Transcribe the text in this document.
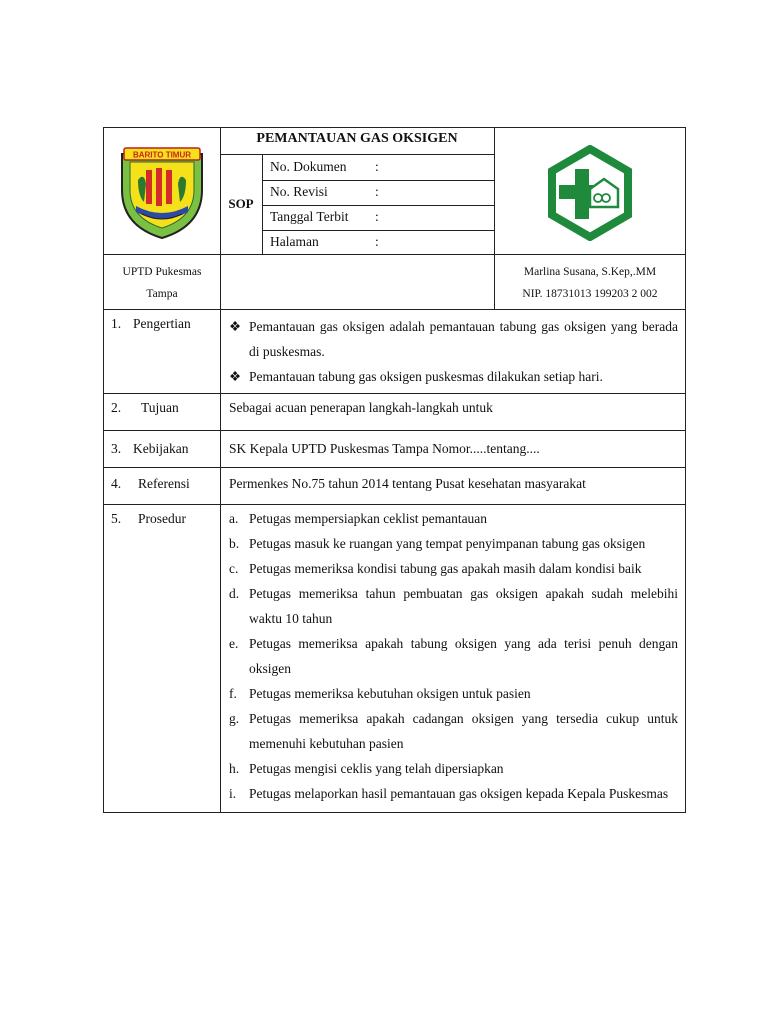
BARITO TIMUR
PEMANTAUAN GAS OKSIGEN
SOP
No. Dokumen :
No. Revisi	:
Tanggal Terbit :
Halaman	:
UPTD Pukesmas
Tampa
Marlina Susana, S.Kep,.MM
NIP. 18731013 199203 2 002
1. Pengertian	❖ Pemantauan gas oksigen adalah pemantauan tabung gas oksigen yang berada di puskesmas.
❖ Pemantauan tabung gas oksigen puskesmas dilakukan setiap hari.
2. Tujuan	Sebagai acuan penerapan langkah-langkah untuk
3. Kebijakan	SK Kepala UPTD Puskesmas Tampa Nomor.....tentang....
4. Referensi	Permenkes No.75 tahun 2014 tentang Pusat kesehatan masyarakat
5. Prosedur	a. Petugas mempersiapkan ceklist pemantauan
b. Petugas masuk ke ruangan yang tempat penyimpanan tabung gas oksigen
c. Petugas memeriksa kondisi tabung gas apakah masih dalam kondisi baik
d. Petugas memeriksa tahun pembuatan gas oksigen apakah sudah melebihi waktu 10 tahun
e. Petugas memeriksa apakah tabung oksigen yang ada terisi penuh dengan oksigen
f. Petugas memeriksa kebutuhan oksigen untuk pasien
g. Petugas memeriksa apakah cadangan oksigen yang tersedia cukup untuk memenuhi kebutuhan pasien
h. Petugas mengisi ceklis yang telah dipersiapkan
i. Petugas melaporkan hasil pemantauan gas oksigen kepada Kepala Puskesmas
